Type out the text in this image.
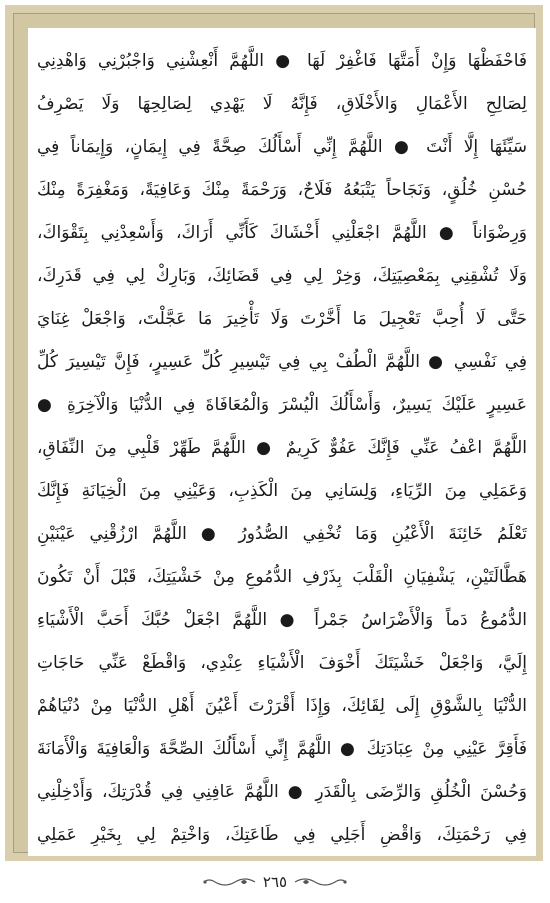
فَاحْفَظْهَا وَإِنْ أَمَتَّهَا فَاغْفِرْ لَهَا ● اللَّهُمَّ أَنْعِشْنِي وَاجْبُرْنِي وَاهْدِنِي
لِصَالِحِ الأَعْمَالِ وَالأَخْلَاقِ، فَإِنَّهُ لَا يَهْدِي لِصَالِحِهَا وَلَا يَصْرِفُ
سَيِّئَهَا إِلَّا أَنْتَ ● اللَّهُمَّ إِنِّي أَسْأَلُكَ صِحَّةً فِي إِيمَانٍ، وَإِيمَاناً فِي
حُسْنِ خُلُقٍ، وَنَجَاحاً يَتْبَعُهُ فَلَاحٌ، وَرَحْمَةً مِنْكَ وَعَافِيَةً، وَمَغْفِرَةً مِنْكَ
وَرِضْوَاناً ● اللَّهُمَّ اجْعَلْنِي أَخْشَاكَ كَأَنِّي أَرَاكَ، وَأَسْعِدْنِي بِتَقْوَاكَ،
وَلَا تُشْقِنِي بِمَعْصِيَتِكَ، وَخِرْ لِي فِي قَضَائِكَ، وَبَارِكْ لِي فِي قَدَرِكَ،
حَتَّى لَا أُحِبَّ تَعْجِيلَ مَا أَخَّرْتَ وَلَا تَأْخِيرَ مَا عَجَّلْتَ، وَاجْعَلْ غِنَايَ
فِي نَفْسِي ● اللَّهُمَّ الْطُفْ بِي فِي تَيْسِيرِ كُلِّ عَسِيرٍ، فَإِنَّ تَيْسِيرَ كُلِّ
عَسِيرٍ عَلَيْكَ يَسِيرٌ، وَأَسْأَلُكَ الْيُسْرَ وَالْمُعَافَاةَ فِي الدُّنْيَا وَالْآخِرَةِ ●
اللَّهُمَّ اعْفُ عَنِّي فَإِنَّكَ عَفُوٌّ كَرِيمٌ ● اللَّهُمَّ طَهِّرْ قَلْبِي مِنَ النِّفَاقِ،
وَعَمَلِي مِنَ الرِّيَاءِ، وَلِسَانِي مِنَ الْكَذِبِ، وَعَيْنِي مِنَ الْخِيَانَةِ فَإِنَّكَ
تَعْلَمُ خَائِنَةَ الْأَعْيُنِ وَمَا تُخْفِي الصُّدُورُ ● اللَّهُمَّ ارْزُقْنِي عَيْنَيْنِ
هَطَّالَتَيْنِ، يَشْفِيَانِ الْقَلْبَ بِذَرْفِ الدُّمُوعِ مِنْ خَشْيَتِكَ، قَبْلَ أَنْ تَكُونَ
الدُّمُوعُ دَماً وَالْأَضْرَاسُ جَمْراً ● اللَّهُمَّ اجْعَلْ حُبَّكَ أَحَبَّ الْأَشْيَاءِ
إِلَيَّ، وَاجْعَلْ خَشْيَتَكَ أَخْوَفَ الْأَشْيَاءِ عِنْدِي، وَاقْطَعْ عَنِّي حَاجَاتِ
الدُّنْيَا بِالشَّوْقِ إِلَى لِقَائِكَ، وَإِذَا أَقْرَرْتَ أَعْيُنَ أَهْلِ الدُّنْيَا مِنْ دُنْيَاهُمْ
فَأَقِرَّ عَيْنِي مِنْ عِبَادَتِكَ ● اللَّهُمَّ إِنِّي أَسْأَلُكَ الصِّحَّةَ وَالْعَافِيَةَ وَالْأَمَانَةَ
وَحُسْنَ الْخُلُقِ وَالرِّضَى بِالْقَدَرِ ● اللَّهُمَّ عَافِنِي فِي قُدْرَتِكَ، وَأَدْخِلْنِي
فِي رَحْمَتِكَ، وَاقْضِ أَجَلِي فِي طَاعَتِكَ، وَاخْتِمْ لِي بِخَيْرِ عَمَلِي
٢٦٥
